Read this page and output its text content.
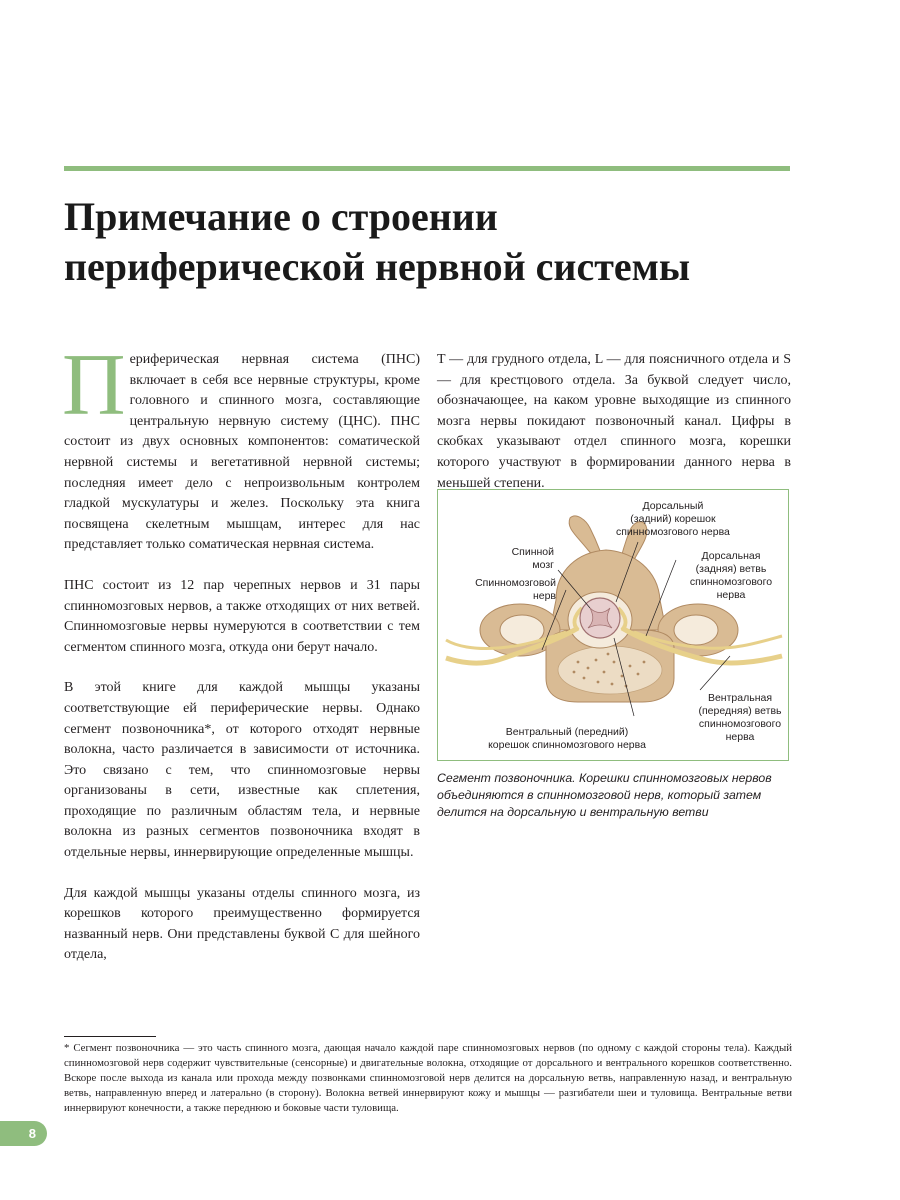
Примечание о строении
периферической нервной системы

Периферическая нервная система (ПНС) включает в себя все нервные структуры, кроме головного и спинного мозга, составляющие центральную нервную систему (ЦНС). ПНС состоит из двух основных компонентов: соматической нервной системы и вегетативной нервной системы; последняя имеет дело с непроизвольным контролем гладкой мускулатуры и желез. Поскольку эта книга посвящена скелетным мышцам, интерес для нас представляет только соматическая нервная система.

ПНС состоит из 12 пар черепных нервов и 31 пары спинномозговых нервов, а также отходящих от них ветвей. Спинномозговые нервы нумеруются в соответствии с тем сегментом спинного мозга, откуда они берут начало.

В этой книге для каждой мышцы указаны соответствующие ей периферические нервы. Однако сегмент позвоночника*, от которого отходят нервные волокна, часто различается в зависимости от источника. Это связано с тем, что спинномозговые нервы организованы в сети, известные как сплетения, проходящие по различным областям тела, и нервные волокна из разных сегментов позвоночника входят в отдельные нервы, иннервирующие определенные мышцы.

Для каждой мышцы указаны отделы спинного мозга, из корешков которого преимущественно формируется названный нерв. Они представлены буквой C для шейного отдела,

T — для грудного отдела, L — для поясничного отдела и S — для крестцового отдела. За буквой следует число, обозначающее, на каком уровне выходящие из спинного мозга нервы покидают позвоночный канал. Цифры в скобках указывают отдел спинного мозга, корешки которого участвуют в формировании данного нерва в меньшей степени.

Дорсальный
(задний) корешок
спинномозгового нерва
Спинной
мозг
Спинномозговой
нерв
Дорсальная
(задняя) ветвь
спинномозгового
нерва
Вентральная
(передняя) ветвь
спинномозгового
нерва
Вентральный (передний)
корешок спинномозгового нерва
Сегмент позвоночника. Корешки спинномозговых нервов
объединяются в спинномозговой нерв, который затем
делится на дорсальную и вентральную ветви
* Сегмент позвоночника — это часть спинного мозга, дающая начало каждой паре спинномозговых нервов (по одному с каждой стороны тела). Каждый спинномозговой нерв содержит чувствительные (сенсорные) и двигательные волокна, отходящие от дорсального и вентрального корешков соответственно. Вскоре после выхода из канала или прохода между позвонками спинномозговой нерв делится на дорсальную ветвь, направленную назад, и вентральную ветвь, направленную вперед и латерально (в сторону). Волокна ветвей иннервируют кожу и мышцы — разгибатели шеи и туловища. Вентральные ветви иннервируют конечности, а также переднюю и боковые части туловища.
8
